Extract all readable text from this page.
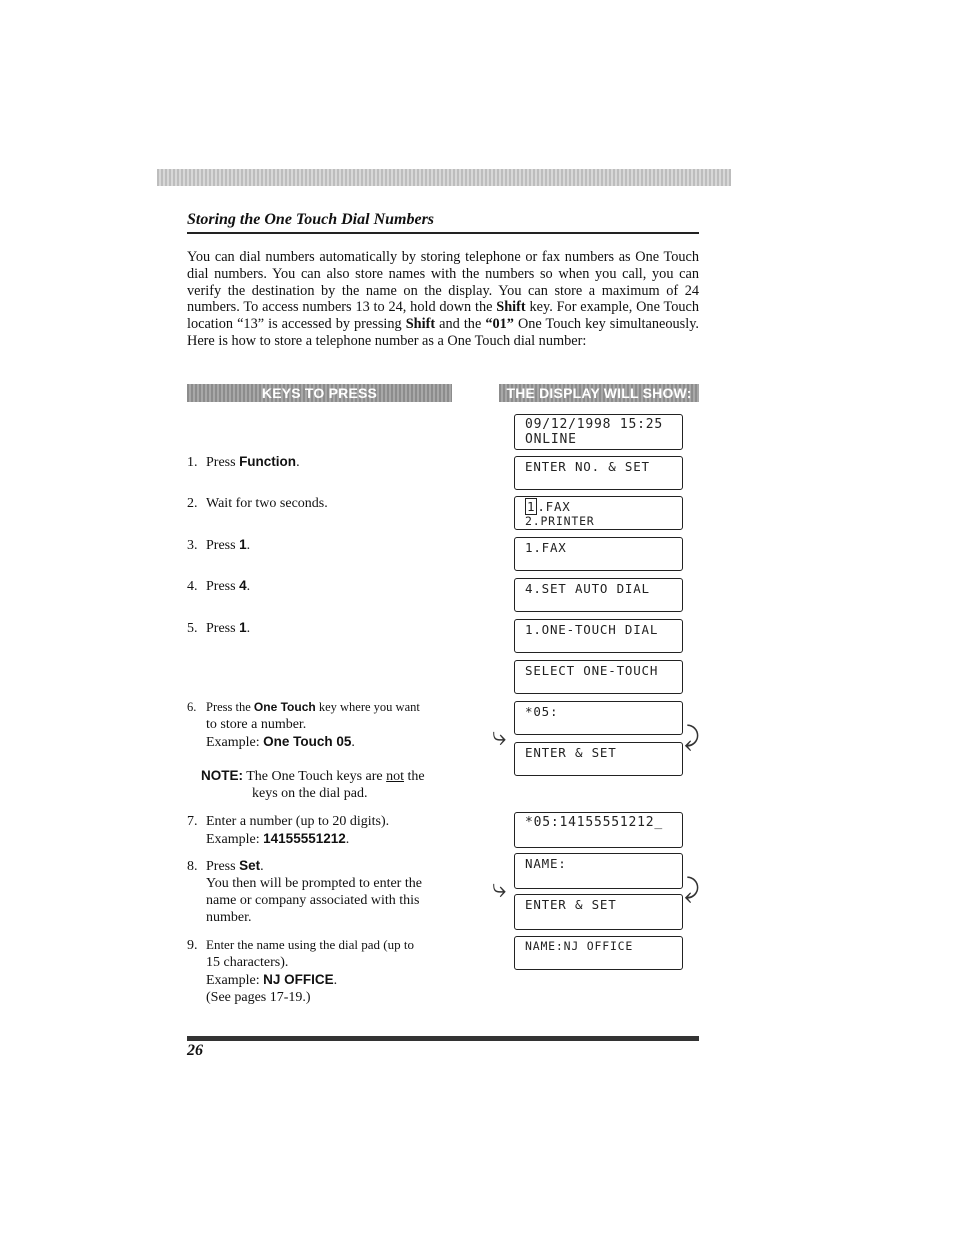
Storing the One Touch Dial Numbers
You can dial numbers automatically by storing telephone or fax numbers as One Touch dial numbers. You can also store names with the numbers so when you call, you can verify the destination by the name on the display. You can store a maximum of 24 numbers. To access numbers 13 to 24, hold down the Shift key. For example, One Touch location “13” is accessed by pressing Shift and the “01” One Touch key simultaneously. Here is how to store a telephone number as a One Touch dial number:
KEYS TO PRESS	THE DISPLAY WILL SHOW:
1. Press Function.
2. Wait for two seconds.
3. Press 1.
4. Press 4.
5. Press 1.
6. Press the One Touch key where you want
to store a number.
Example: One Touch 05.
NOTE: The One Touch keys are not the
keys on the dial pad.
7. Enter a number (up to 20 digits).
Example: 14155551212.
8. Press Set.
You then will be prompted to enter the
name or company associated with this
number.
9. Enter the name using the dial pad (up to
15 characters).
Example: NJ OFFICE.
(See pages 17-19.)
09/12/1998 15:25
ONLINE
ENTER NO. & SET
1 .FAX
2.PRINTER
1.FAX
4.SET AUTO DIAL
1.ONE-TOUCH DIAL
SELECT ONE-TOUCH
*05:
ENTER & SET
⤷	⤸
*05:14155551212_
NAME:
ENTER & SET
⤷	⤸
NAME:NJ OFFICE
26
